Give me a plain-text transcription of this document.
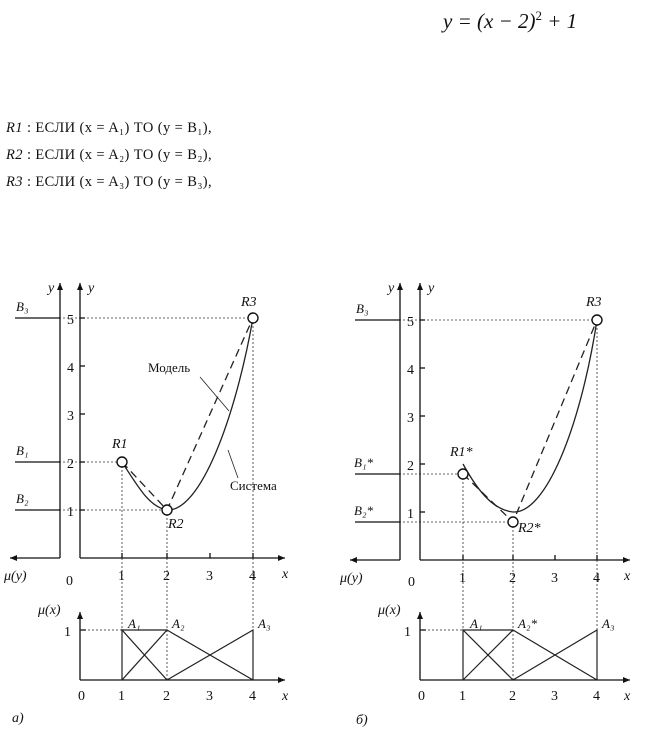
$y = (x - 2)^2 + 1$
R1 : ЕСЛИ (x = A₁) ТО (y = B₁),
R2 : ЕСЛИ (x = A₂) ТО (y = B₂),
R3 : ЕСЛИ (x = A₃) ТО (y = B₃),
y y
x
x
μ(y)
μ(x)
0
0
1
2
3
4
5
1	2	3	4
1	2	3	4
1
B₃
B₁
B₂
R1
R2
R3
Модель
Система
A₁ A₂	A₃
а)
y y
x
x
μ(y)
μ(x)
0
0
1
2
3
4
5
1	2	3	4
1	2	3	4
1
B₃
B₁*
B₂*
R1*
R2*
R3
A₁	A₂*	A₃
б)
